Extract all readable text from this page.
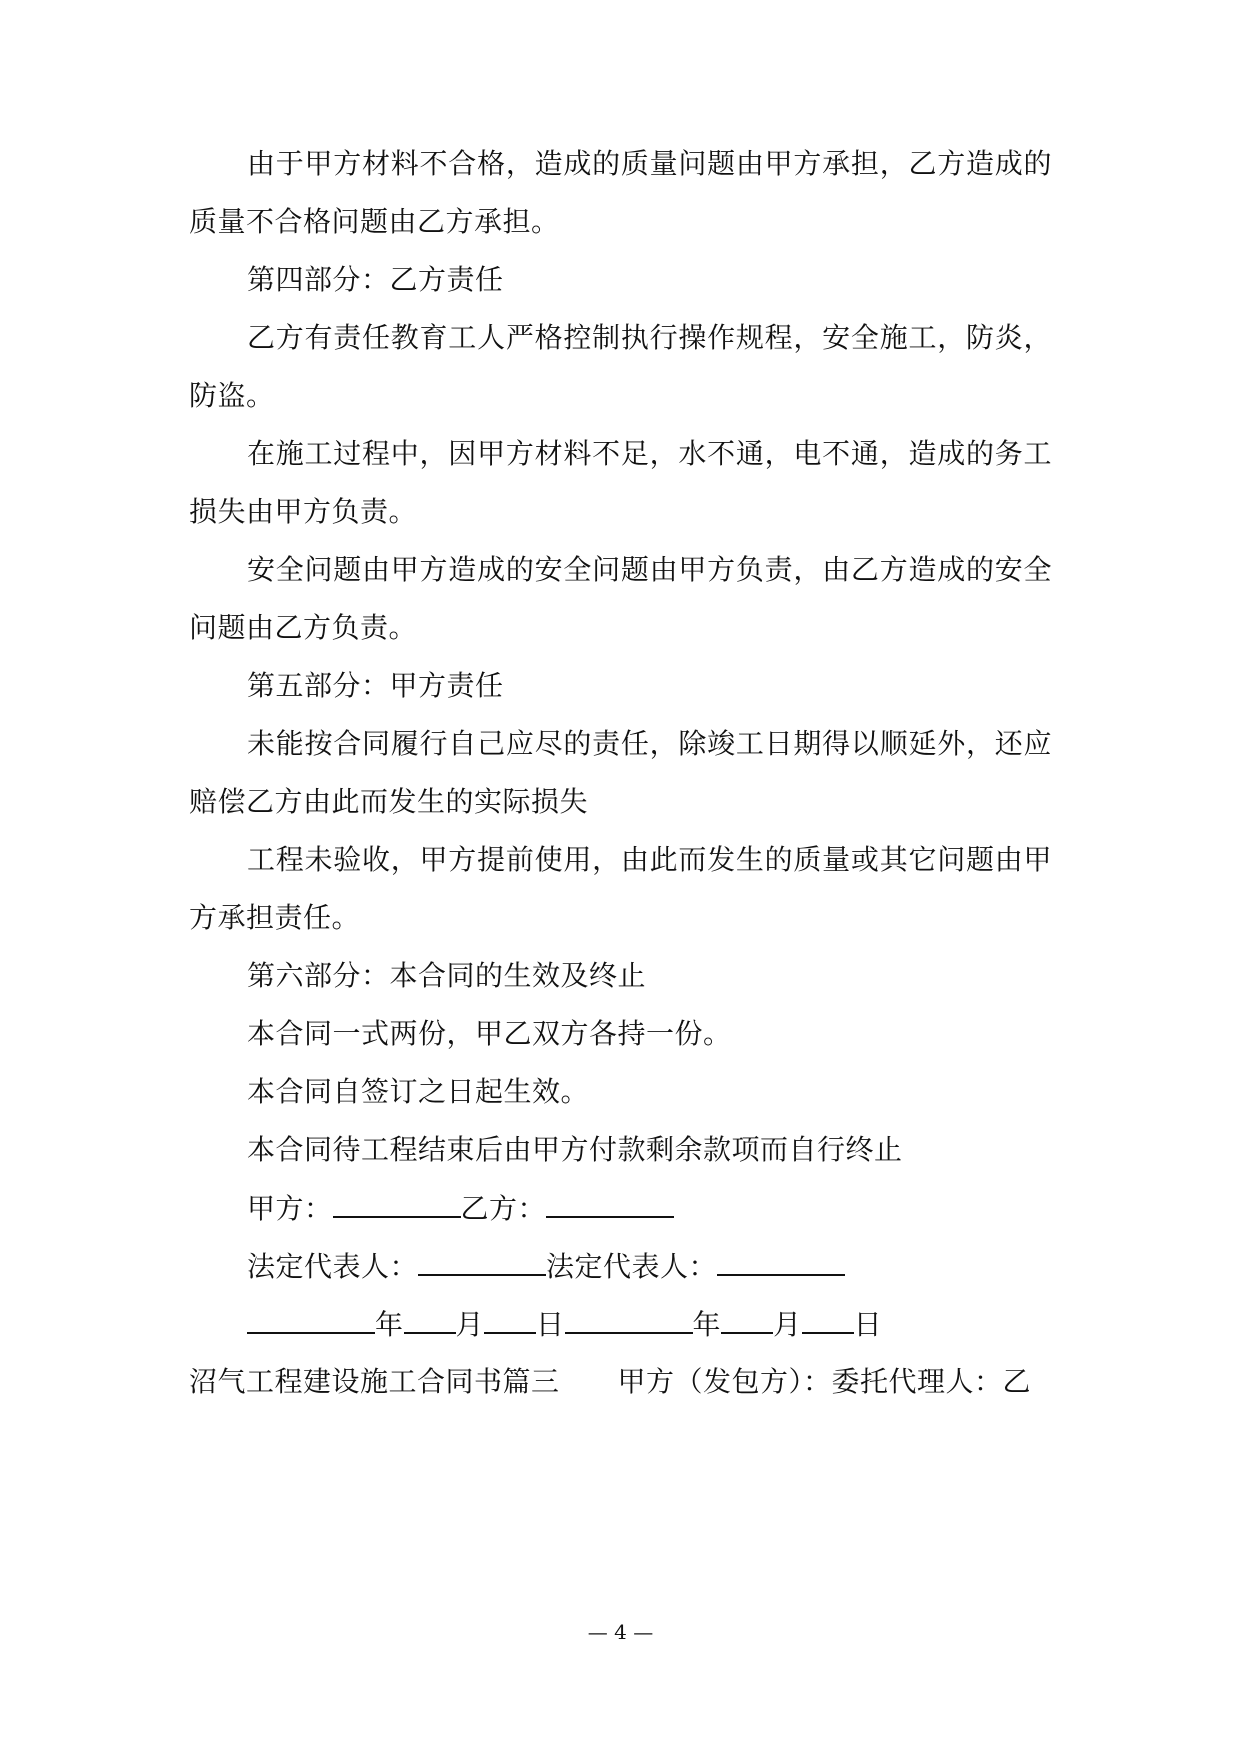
由于甲方材料不合格，造成的质量问题由甲方承担，乙方造成的
质量不合格问题由乙方承担。
第四部分：乙方责任
乙方有责任教育工人严格控制执行操作规程，安全施工，防炎，
防盗。
在施工过程中，因甲方材料不足，水不通，电不通，造成的务工
损失由甲方负责。
安全问题由甲方造成的安全问题由甲方负责，由乙方造成的安全
问题由乙方负责。
第五部分：甲方责任
未能按合同履行自己应尽的责任，除竣工日期得以顺延外，还应
赔偿乙方由此而发生的实际损失
工程未验收，甲方提前使用，由此而发生的质量或其它问题由甲
方承担责任。
第六部分：本合同的生效及终止
本合同一式两份，甲乙双方各持一份。
本合同自签订之日起生效。
本合同待工程结束后由甲方付款剩余款项而自行终止
甲方：	乙方：
法定代表人：	法定代表人：
年 月 日	年 月 日
沼气工程建设施工合同书篇三 甲方（发包方）：委托代理人：乙
— 4 —
